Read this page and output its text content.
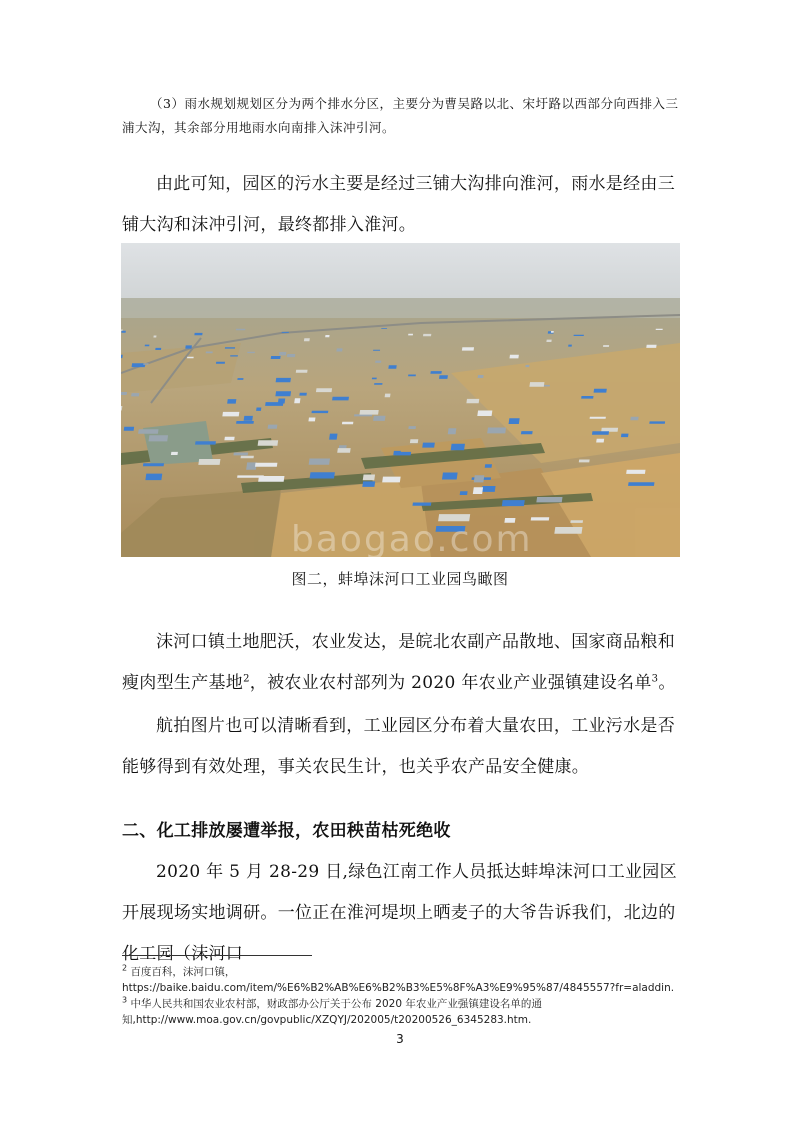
（3）雨水规划规划区分为两个排水分区，主要分为曹吴路以北、宋圩路以西部分向西排入三浦大沟，其余部分用地雨水向南排入沫冲引河。
由此可知，园区的污水主要是经过三铺大沟排向淮河，雨水是经由三铺大沟和沫冲引河，最终都排入淮河。
baogao.com
图二，蚌埠沫河口工业园鸟瞰图
沫河口镇土地肥沃，农业发达，是皖北农副产品散地、国家商品粮和瘦肉型生产基地$^2$，被农业农村部列为 2020 年农业产业强镇建设名单$^3$。
航拍图片也可以清晰看到，工业园区分布着大量农田，工业污水是否能够得到有效处理，事关农民生计，也关乎农产品安全健康。
二、化工排放屡遭举报，农田秧苗枯死绝收
2020 年 5 月 28-29 日,绿色江南工作人员抵达蚌埠沫河口工业园区开展现场实地调研。一位正在淮河堤坝上晒麦子的大爷告诉我们，北边的化工园（沫河口
$^2$ 百度百科，沫河口镇，
https://baike.baidu.com/item/%E6%B2%AB%E6%B2%B3%E5%8F%A3%E9%95%87/4845557?fr=aladdin.
$^3$ 中华人民共和国农业农村部，财政部办公厅关于公布 2020 年农业产业强镇建设名单的通
知,http://www.moa.gov.cn/govpublic/XZQYJ/202005/t20200526_6345283.htm.
3
